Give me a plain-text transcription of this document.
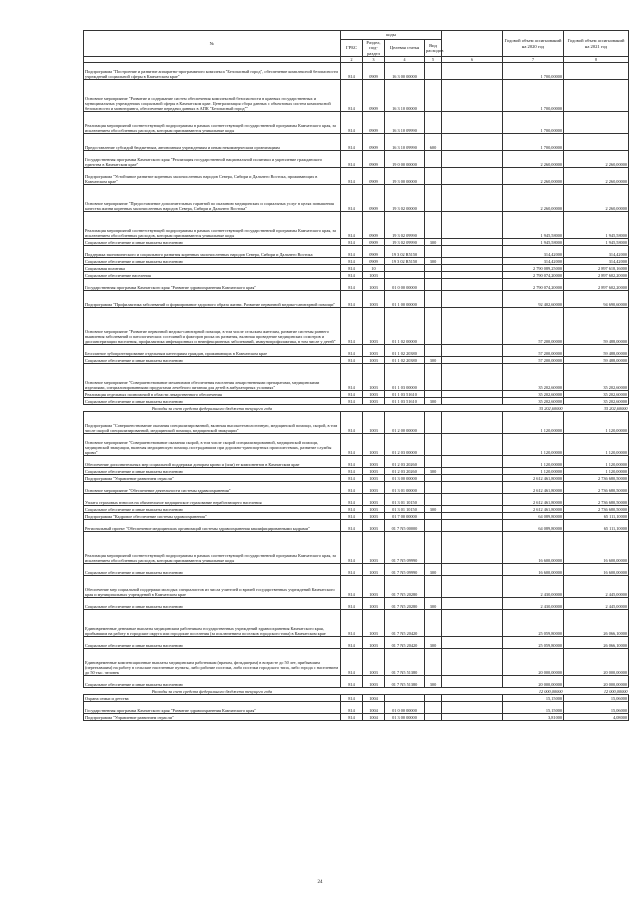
№	коды					Годовой объем ассигнований на 2020 год	Годовой объем ассигнований на 2021 год
	ГРБС	Раздел, под-раздел	Целевая статья	Вид расходов			
	2	3	4	5	6	7	8
Подпрограмма "Построение и развитие аппаратно-программного комплекса "Безопасный город", обеспечение комплексной безопасности учреждений социальной сферы в Камчатском крае"	814	0909	16 3 00 00000			1 700,00000	
Основное мероприятие "Развитие и содержание систем обеспечения комплексной безопасности в краевых государственных и муниципальных учреждениях социальной сферы в Камчатском крае. Централизация сбора данных с объектовых систем комплексной безопасности и мониторинга, обеспечение передачи данных в АПК "Безопасный город""	814	0909	16 3 10 00000			1 700,00000	
Реализация мероприятий соответствующей подпрограммы в рамках соответствующей государственной программы Камчатского края, за исключением обособленных расходов, которым присваиваются уникальные коды	814	0909	16 3 10 09990			1 700,00000	
Предоставление субсидий бюджетным, автономным учреждениям и иным некоммерческим организациям	814	0909	16 3 10 09990	600		1 700,00000	
Государственная программа Камчатского края "Реализация государственной национальной политики и укрепление гражданского единства в Камчатском крае"	814	0909	19 0 00 00000			2 260,00000	2 260,00000
Подпрограмма "Устойчивое развитие коренных малочисленных народов Севера, Сибири и Дальнего Востока, проживающих в Камчатском крае"	814	0909	19 3 00 00000			2 260,00000	2 260,00000
Основное мероприятие "Предоставление дополнительных гарантий по оказанию медицинских и социальных услуг в целях повышения качества жизни коренных малочисленных народов Севера, Сибири и Дальнего Востока"	814	0909	19 3 02 00000			2 260,00000	2 260,00000
Реализация мероприятий соответствующей подпрограммы в рамках соответствующей государственной программы Камчатского края, за исключением обособленных расходов, которым присваиваются уникальные коды	814	0909	19 3 02 09990			1 945,58000	1 945,58000
Социальное обеспечение и иные выплаты населению	814	0909	19 3 02 09990	300		1 945,58000	1 945,58000
Поддержка экономического и социального развития коренных малочисленных народов Севера, Сибири и Дальнего Востока	814	0909	19 3 02 R5150			314,42000	314,42000
Социальное обеспечение и иные выплаты населению	814	0909	19 3 02 R5150	300		314,42000	314,42000
Социальная политика	814	10				2 790 089,25000	2 897 618,16000
Социальное обеспечение населения	814	1003				2 790 074,20000	2 897 602,20000
Государственная программа Камчатского края "Развитие здравоохранения Камчатского края"	814	1003	01 0 00 00000			2 790 074,20000	2 897 602,20000
Подпрограмма "Профилактика заболеваний и формирование здорового образа жизни. Развитие первичной медико-санитарной помощи"	814	1003	01 1 00 00000			92 402,60000	94 690,60000
Основное мероприятие "Развитие первичной медико-санитарной помощи, в том числе сельским жителям, развитие системы раннего выявления заболеваний и патологических состояний и факторов риска их развития, включая проведение медицинских осмотров и диспансеризации населения, профилактика инфекционных и неинфекционных заболеваний, иммунопрофилактика, в том числе у детей"	814	1003	01 1 02 00000			57 200,00000	59 488,00000
Бесплатное зубопротезирование отдельным категориям граждан, проживающих в Камчатском крае	814	1003	01 1 02 20380			57 200,00000	59 488,00000
Социальное обеспечение и иные выплаты населению	814	1003	01 1 02 20380	300		57 200,00000	59 488,00000
Основное мероприятие "Совершенствование механизмов обеспечения населения лекарственными препаратами, медицинскими изделиями, специализированными продуктами лечебного питания для детей в амбулаторных условиях"	814	1003	01 1 03 00000			35 202,60000	35 202,60000
Реализация отдельных полномочий в области лекарственного обеспечения	814	1003	01 1 03 51610			35 202,60000	35 202,60000
Социальное обеспечение и иные выплаты населению	814	1003	01 1 03 51610	300		35 202,60000	35 202,60000
Расходы за счет средств федерального бюджета текущего года						35 202,60000	35 202,60000
Подпрограмма "Совершенствование оказания специализированной, включая высокотехнологичную, медицинской помощи, скорой, в том числе скорой специализированной, медицинской помощи, медицинской эвакуации"	814	1003	01 2 00 00000			1 120,00000	1 120,00000
Основное мероприятие "Совершенствование оказания скорой, в том числе скорой специализированной, медицинской помощи, медицинской эвакуации, включая медицинскую помощь пострадавшим при дорожно-транспортных происшествиях, развитие службы крови"	814	1003	01 2 03 00000			1 120,00000	1 120,00000
Обеспечение дополнительных мер социальной поддержки донорам крови и (или) ее компонентов в Камчатском крае	814	1003	01 2 03 20260			1 120,00000	1 120,00000
Социальное обеспечение и иные выплаты населению	814	1003	01 2 03 20260	300		1 120,00000	1 120,00000
Подпрограмма "Управление развитием отрасли"	814	1003	01 3 00 00000			2 612 461,80000	2 736 680,50000
Основное мероприятие "Обеспечение деятельности системы здравоохранения"	814	1003	01 3 01 00000			2 612 461,80000	2 736 680,50000
Уплата страховых взносов на обязательное медицинское страхование неработающего населения	814	1003	01 3 01 10150			2 612 461,80000	2 736 680,50000
Социальное обеспечение и иные выплаты населению	814	1003	01 3 01 10150	300		2 612 461,80000	2 736 680,50000
Подпрограмма "Кадровое обеспечение системы здравоохранения"	814	1003	01 7 00 00000			64 089,80000	65 111,10000
Региональный проект "Обеспечение медицинских организаций системы здравоохранения квалифицированными кадрами"	814	1003	01 7 N5 00000			64 089,80000	65 111,10000
Реализация мероприятий соответствующей подпрограммы в рамках соответствующей государственной программы Камчатского края, за исключением обособленных расходов, которым присваиваются уникальные коды	814	1003	01 7 N5 09990			16 600,00000	16 600,00000
Социальное обеспечение и иные выплаты населению	814	1003	01 7 N5 09990	300		16 600,00000	16 600,00000
Обеспечение мер социальной поддержки молодых специалистов из числа учителей и врачей государственных учреждений Камчатского края и муниципальных учреждений в Камчатском крае	814	1003	01 7 N5 20280			2 430,00000	2 445,00000
Социальное обеспечение и иные выплаты населению	814	1003	01 7 N5 20280	300		2 430,00000	2 445,00000
Единовременные денежные выплаты медицинским работникам государственных учреждений здравоохранения Камчатского края, прибывшим на работу в городские округа или городские поселения (за исключением поселков городского типа) в Камчатском крае	814	1003	01 7 N5 20420			25 059,80000	26 066,10000
Социальное обеспечение и иные выплаты населению	814	1003	01 7 N5 20420	300		25 059,80000	26 066,10000
Единовременные компенсационные выплаты медицинским работникам (врачам, фельдшерам) в возрасте до 50 лет, прибывшим (переехавшим) на работу в сельские населенные пункты, либо рабочие поселки, либо поселки городского типа, либо города с населением до 50 тыс. человек	814	1003	01 7 N5 51380			20 000,00000	20 000,00000
Социальное обеспечение и иные выплаты населению	814	1003	01 7 N5 51380	300		20 000,00000	20 000,00000
Расходы за счет средств федерального бюджета текущего года						12 000,00000	12 000,00000
Охрана семьи и детства	814	1004				15,15000	15,06000
Государственная программа Камчатского края "Развитие здравоохранения Камчатского края"	814	1004	01 0 00 00000			15,15000	15,06000
Подпрограмма "Управление развитием отрасли"	814	1004	01 3 00 00000			3,81000	4,08000
24
